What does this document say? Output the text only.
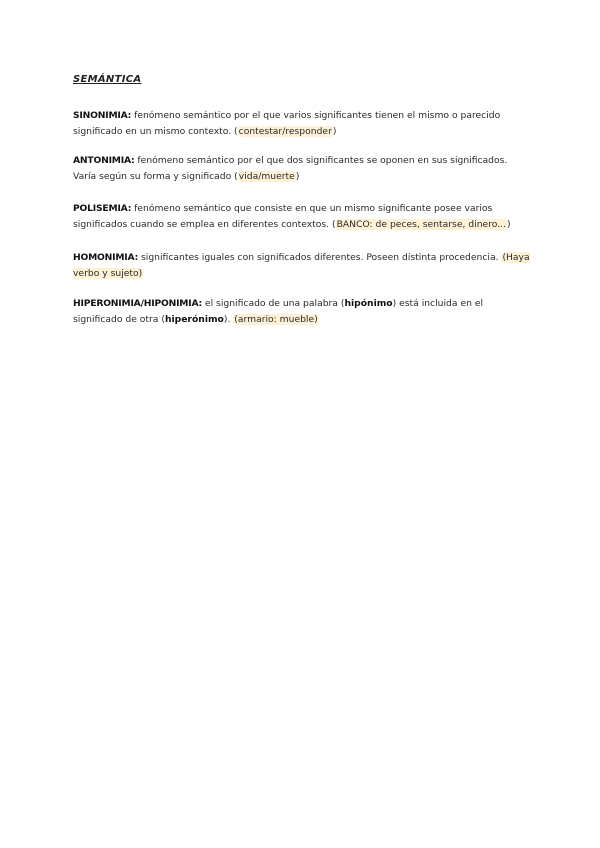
SEMÁNTICA
SINONIMIA: fenómeno semántico por el que varios significantes tienen el mismo o parecido significado en un mismo contexto. (contestar/responder)
ANTONIMIA: fenómeno semántico por el que dos significantes se oponen en sus significados. Varía según su forma y significado (vida/muerte)
POLISEMIA: fenómeno semántico que consiste en que un mismo significante posee varios significados cuando se emplea en diferentes contextos. (BANCO: de peces, sentarse, dinero...)
HOMONIMIA: significantes iguales con significados diferentes. Poseen distinta procedencia. (Haya verbo y sujeto)
HIPERONIMIA/HIPONIMIA: el significado de una palabra (hipónimo) está incluida en el significado de otra (hiperónimo). (armario: mueble)
